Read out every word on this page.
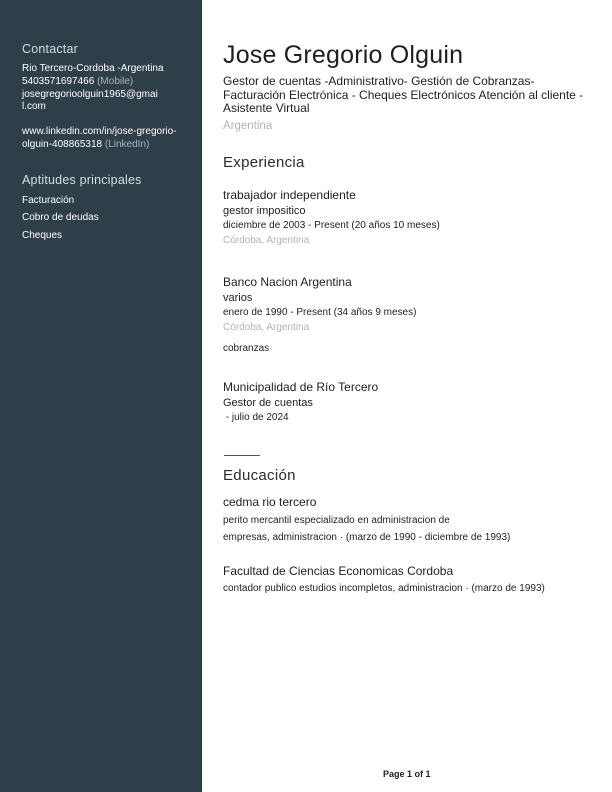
Contactar
Rio Tercero-Cordoba -Argentina
5403571697466 (Mobile)
josegregorioolguin1965@gmai
l.com
www.linkedin.com/in/jose-gregorio-
olguin-408865318 (LinkedIn)
Aptitudes principales
Facturación
Cobro de deudas
Cheques
Jose Gregorio Olguin
Gestor de cuentas -Administrativo- Gestión de Cobranzas- Facturación Electrónica - Cheques Electrónicos Atención al cliente - Asistente Virtual
Argentina
Experiencia
trabajador independiente
gestor impositico
diciembre de 2003 - Present (20 años 10 meses)
Córdoba, Argentina
Banco Nacion Argentina
varios
enero de 1990 - Present (34 años 9 meses)
Córdoba, Argentina
cobranzas
Municipalidad de Río Tercero
Gestor de cuentas
- julio de 2024
Educación
cedma rio tercero
perito mercantil especializado en administracion de
empresas, administracion · (marzo de 1990 - diciembre de 1993)
Facultad de Ciencias Economicas Cordoba
contador publico estudios incompletos, administracion · (marzo de 1993)
Page 1 of 1
